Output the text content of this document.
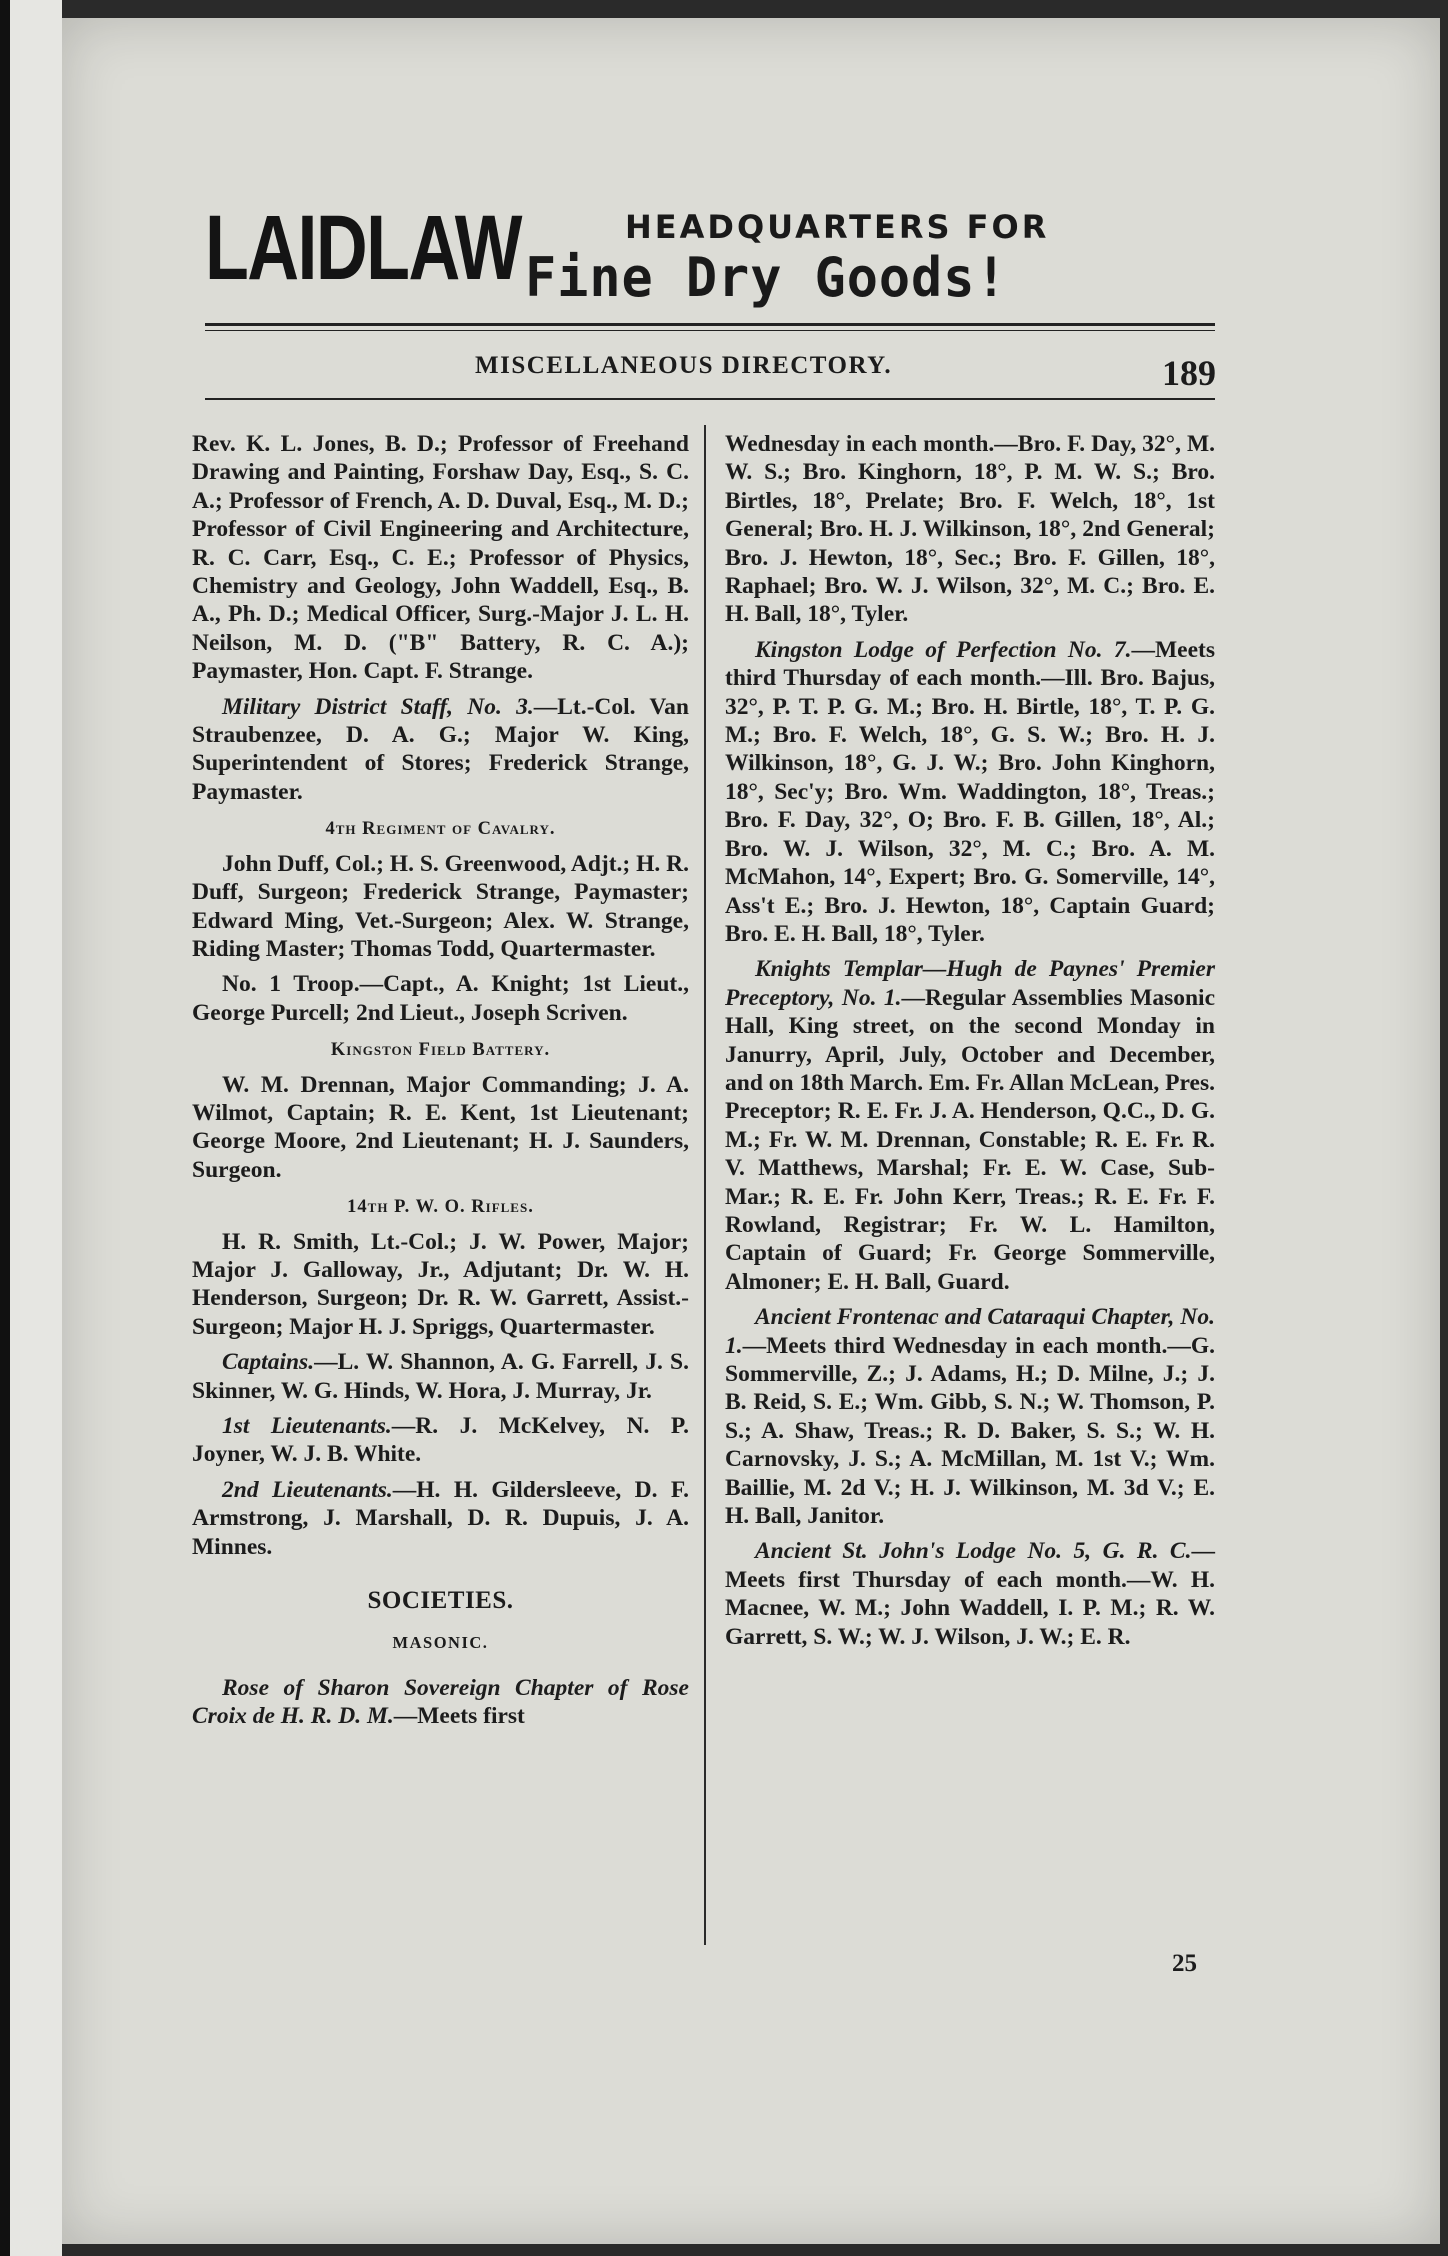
LAIDLAW	HEADQUARTERS FOR
Fine Dry Goods!
MISCELLANEOUS DIRECTORY.	189

Rev. K. L. Jones, B. D.; Professor of Freehand Drawing and Painting, Forshaw Day, Esq., S. C. A.; Professor of French, A. D. Duval, Esq., M. D.; Professor of Civil Engineering and Architecture, R. C. Carr, Esq., C. E.; Professor of Physics, Chemistry and Geology, John Waddell, Esq., B. A., Ph. D.; Medical Officer, Surg.-Major J. L. H. Neilson, M. D. ("B" Battery, R. C. A.); Paymaster, Hon. Capt. F. Strange.

Military District Staff, No. 3.—Lt.-Col. Van Straubenzee, D. A. G.; Major W. King, Superintendent of Stores; Frederick Strange, Paymaster.

4th Regiment of Cavalry.

John Duff, Col.; H. S. Greenwood, Adjt.; H. R. Duff, Surgeon; Frederick Strange, Paymaster; Edward Ming, Vet.-Surgeon; Alex. W. Strange, Riding Master; Thomas Todd, Quartermaster.

No. 1 Troop.—Capt., A. Knight; 1st Lieut., George Purcell; 2nd Lieut., Joseph Scriven.

Kingston Field Battery.

W. M. Drennan, Major Commanding; J. A. Wilmot, Captain; R. E. Kent, 1st Lieutenant; George Moore, 2nd Lieutenant; H. J. Saunders, Surgeon.

14th P. W. O. Rifles.

H. R. Smith, Lt.-Col.; J. W. Power, Major; Major J. Galloway, Jr., Adjutant; Dr. W. H. Henderson, Surgeon; Dr. R. W. Garrett, Assist.-Surgeon; Major H. J. Spriggs, Quartermaster.

Captains.—L. W. Shannon, A. G. Farrell, J. S. Skinner, W. G. Hinds, W. Hora, J. Murray, Jr.

1st Lieutenants.—R. J. McKelvey, N. P. Joyner, W. J. B. White.

2nd Lieutenants.—H. H. Gildersleeve, D. F. Armstrong, J. Marshall, D. R. Dupuis, J. A. Minnes.

SOCIETIES.

MASONIC.

Rose of Sharon Sovereign Chapter of Rose Croix de H. R. D. M.—Meets first

Wednesday in each month.—Bro. F. Day, 32°, M. W. S.; Bro. Kinghorn, 18°, P. M. W. S.; Bro. Birtles, 18°, Prelate; Bro. F. Welch, 18°, 1st General; Bro. H. J. Wilkinson, 18°, 2nd General; Bro. J. Hewton, 18°, Sec.; Bro. F. Gillen, 18°, Raphael; Bro. W. J. Wilson, 32°, M. C.; Bro. E. H. Ball, 18°, Tyler.

Kingston Lodge of Perfection No. 7.—Meets third Thursday of each month.—Ill. Bro. Bajus, 32°, P. T. P. G. M.; Bro. H. Birtle, 18°, T. P. G. M.; Bro. F. Welch, 18°, G. S. W.; Bro. H. J. Wilkinson, 18°, G. J. W.; Bro. John Kinghorn, 18°, Sec'y; Bro. Wm. Waddington, 18°, Treas.; Bro. F. Day, 32°, O; Bro. F. B. Gillen, 18°, Al.; Bro. W. J. Wilson, 32°, M. C.; Bro. A. M. McMahon, 14°, Expert; Bro. G. Somerville, 14°, Ass't E.; Bro. J. Hewton, 18°, Captain Guard; Bro. E. H. Ball, 18°, Tyler.

Knights Templar—Hugh de Paynes' Premier Preceptory, No. 1.—Regular Assemblies Masonic Hall, King street, on the second Monday in Janurry, April, July, October and December, and on 18th March. Em. Fr. Allan McLean, Pres. Preceptor; R. E. Fr. J. A. Henderson, Q.C., D. G. M.; Fr. W. M. Drennan, Constable; R. E. Fr. R. V. Matthews, Marshal; Fr. E. W. Case, Sub-Mar.; R. E. Fr. John Kerr, Treas.; R. E. Fr. F. Rowland, Registrar; Fr. W. L. Hamilton, Captain of Guard; Fr. George Sommerville, Almoner; E. H. Ball, Guard.

Ancient Frontenac and Cataraqui Chapter, No. 1.—Meets third Wednesday in each month.—G. Sommerville, Z.; J. Adams, H.; D. Milne, J.; J. B. Reid, S. E.; Wm. Gibb, S. N.; W. Thomson, P. S.; A. Shaw, Treas.; R. D. Baker, S. S.; W. H. Carnovsky, J. S.; A. McMillan, M. 1st V.; Wm. Baillie, M. 2d V.; H. J. Wilkinson, M. 3d V.; E. H. Ball, Janitor.

Ancient St. John's Lodge No. 5, G. R. C.—Meets first Thursday of each month.—W. H. Macnee, W. M.; John Waddell, I. P. M.; R. W. Garrett, S. W.; W. J. Wilson, J. W.; E. R.

25
